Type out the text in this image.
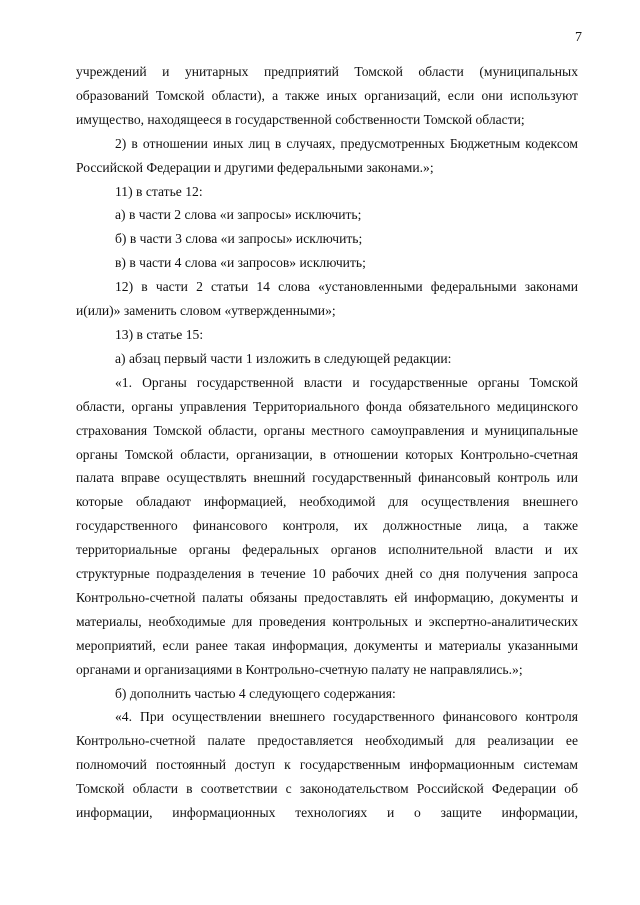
7

учреждений и унитарных предприятий Томской области (муниципальных образований Томской области), а также иных организаций, если они используют имущество, находящееся в государственной собственности Томской области;

2) в отношении иных лиц в случаях, предусмотренных Бюджетным кодексом Российской Федерации и другими федеральными законами.»;

11) в статье 12:

а) в части 2 слова «и запросы» исключить;

б) в части 3 слова «и запросы» исключить;

в) в части 4 слова «и запросов» исключить;

12) в части 2 статьи 14 слова «установленными федеральными законами и(или)» заменить словом «утвержденными»;

13) в статье 15:

а) абзац первый части 1 изложить в следующей редакции:

«1. Органы государственной власти и государственные органы Томской области, органы управления Территориального фонда обязательного медицинского страхования Томской области, органы местного самоуправления и муниципальные органы Томской области, организации, в отношении которых Контрольно-счетная палата вправе осуществлять внешний государственный финансовый контроль или которые обладают информацией, необходимой для осуществления внешнего государственного финансового контроля, их должностные лица, а также территориальные органы федеральных органов исполнительной власти и их структурные подразделения в течение 10 рабочих дней со дня получения запроса Контрольно-счетной палаты обязаны предоставлять ей информацию, документы и материалы, необходимые для проведения контрольных и экспертно-аналитических мероприятий, если ранее такая информация, документы и материалы указанными органами и организациями в Контрольно-счетную палату не направлялись.»;

б) дополнить частью 4 следующего содержания:

«4. При осуществлении внешнего государственного финансового контроля Контрольно-счетной палате предоставляется необходимый для реализации ее полномочий постоянный доступ к государственным информационным системам Томской области в соответствии с законодательством Российской Федерации об информации, информационных технологиях и о защите информации,
